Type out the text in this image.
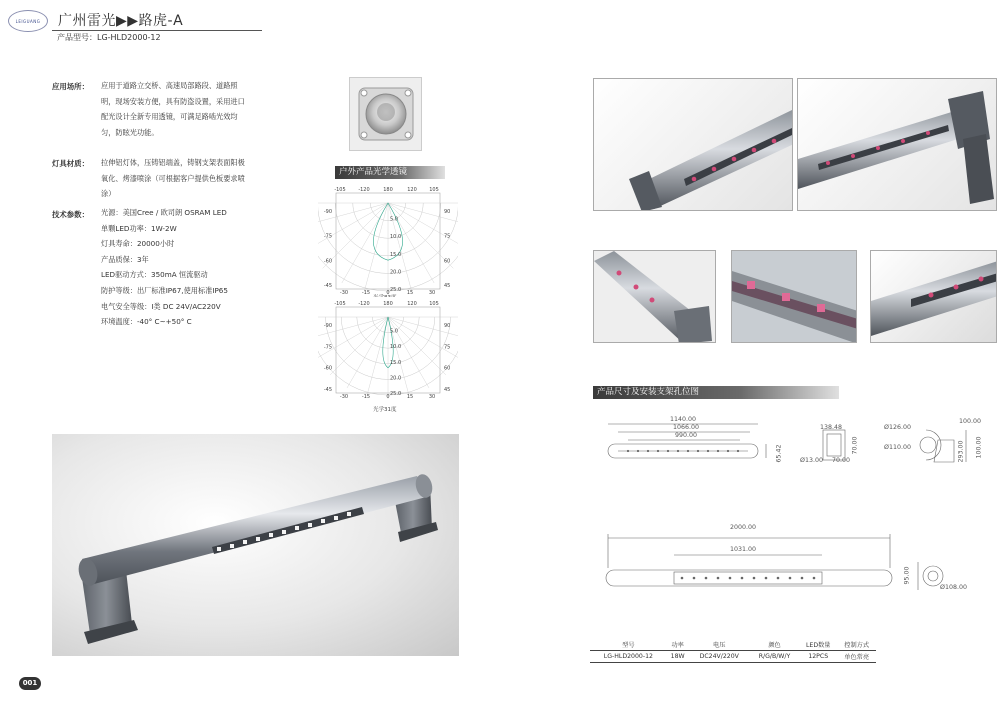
LEIGUANG 广州雷光▶▶路虎-A
产品型号：LG-HLD2000-12
应用场所： 应用于道路立交桥、高速局部路段、道路照明，现场安装方便，具有防盗设置，采用进口配光设计全新专用透镜，可满足路啮光效均匀，防眩光功能。
灯具材质： 拉伸铝灯体，压铸铝端盖，铸钢支架表面阳极氧化、烤漆喷涂（可根据客户提供色板要求喷涂）
技术参数： 光源：美国Cree / 欧司朗 OSRAM LED
单颗LED功率：1W-2W
灯具寿命：20000小时
产品质保：3年
LED驱动方式：350mA 恒流驱动
防护等级：出厂标准IP67,使用标准IP65
电气安全等级：I类 DC 24V/AC220V
环境温度：-40° C~+50° C
户外产品光学透镜
-105	-120	180	120 105
-90
-75
-60
-45
90
75
60
45
-30	-15	0	15	30
5.0
10.0
15.0
20.0
25.0
光学83度
-105	-120	180	120 105
-90
-75
-60
-45
90
75
60
45
-30	-15	0	15	30
5.0
10.0
15.0
20.0
25.0
光学31度
001
产品尺寸及安装支架孔位图
1140.00
1066.00
990.00
65.42
138.48
Ø13.00 70.00
70.00
Ø126.00
Ø110.00	293.00
100.00
100.00
2000.00
1031.00
95.00
Ø108.00
型号	功率	电压	颜色	LED数量	控制方式
LG-HLD2000-12	18W	DC24V/220V	R/G/B/W/Y	12PCS	单色常亮
